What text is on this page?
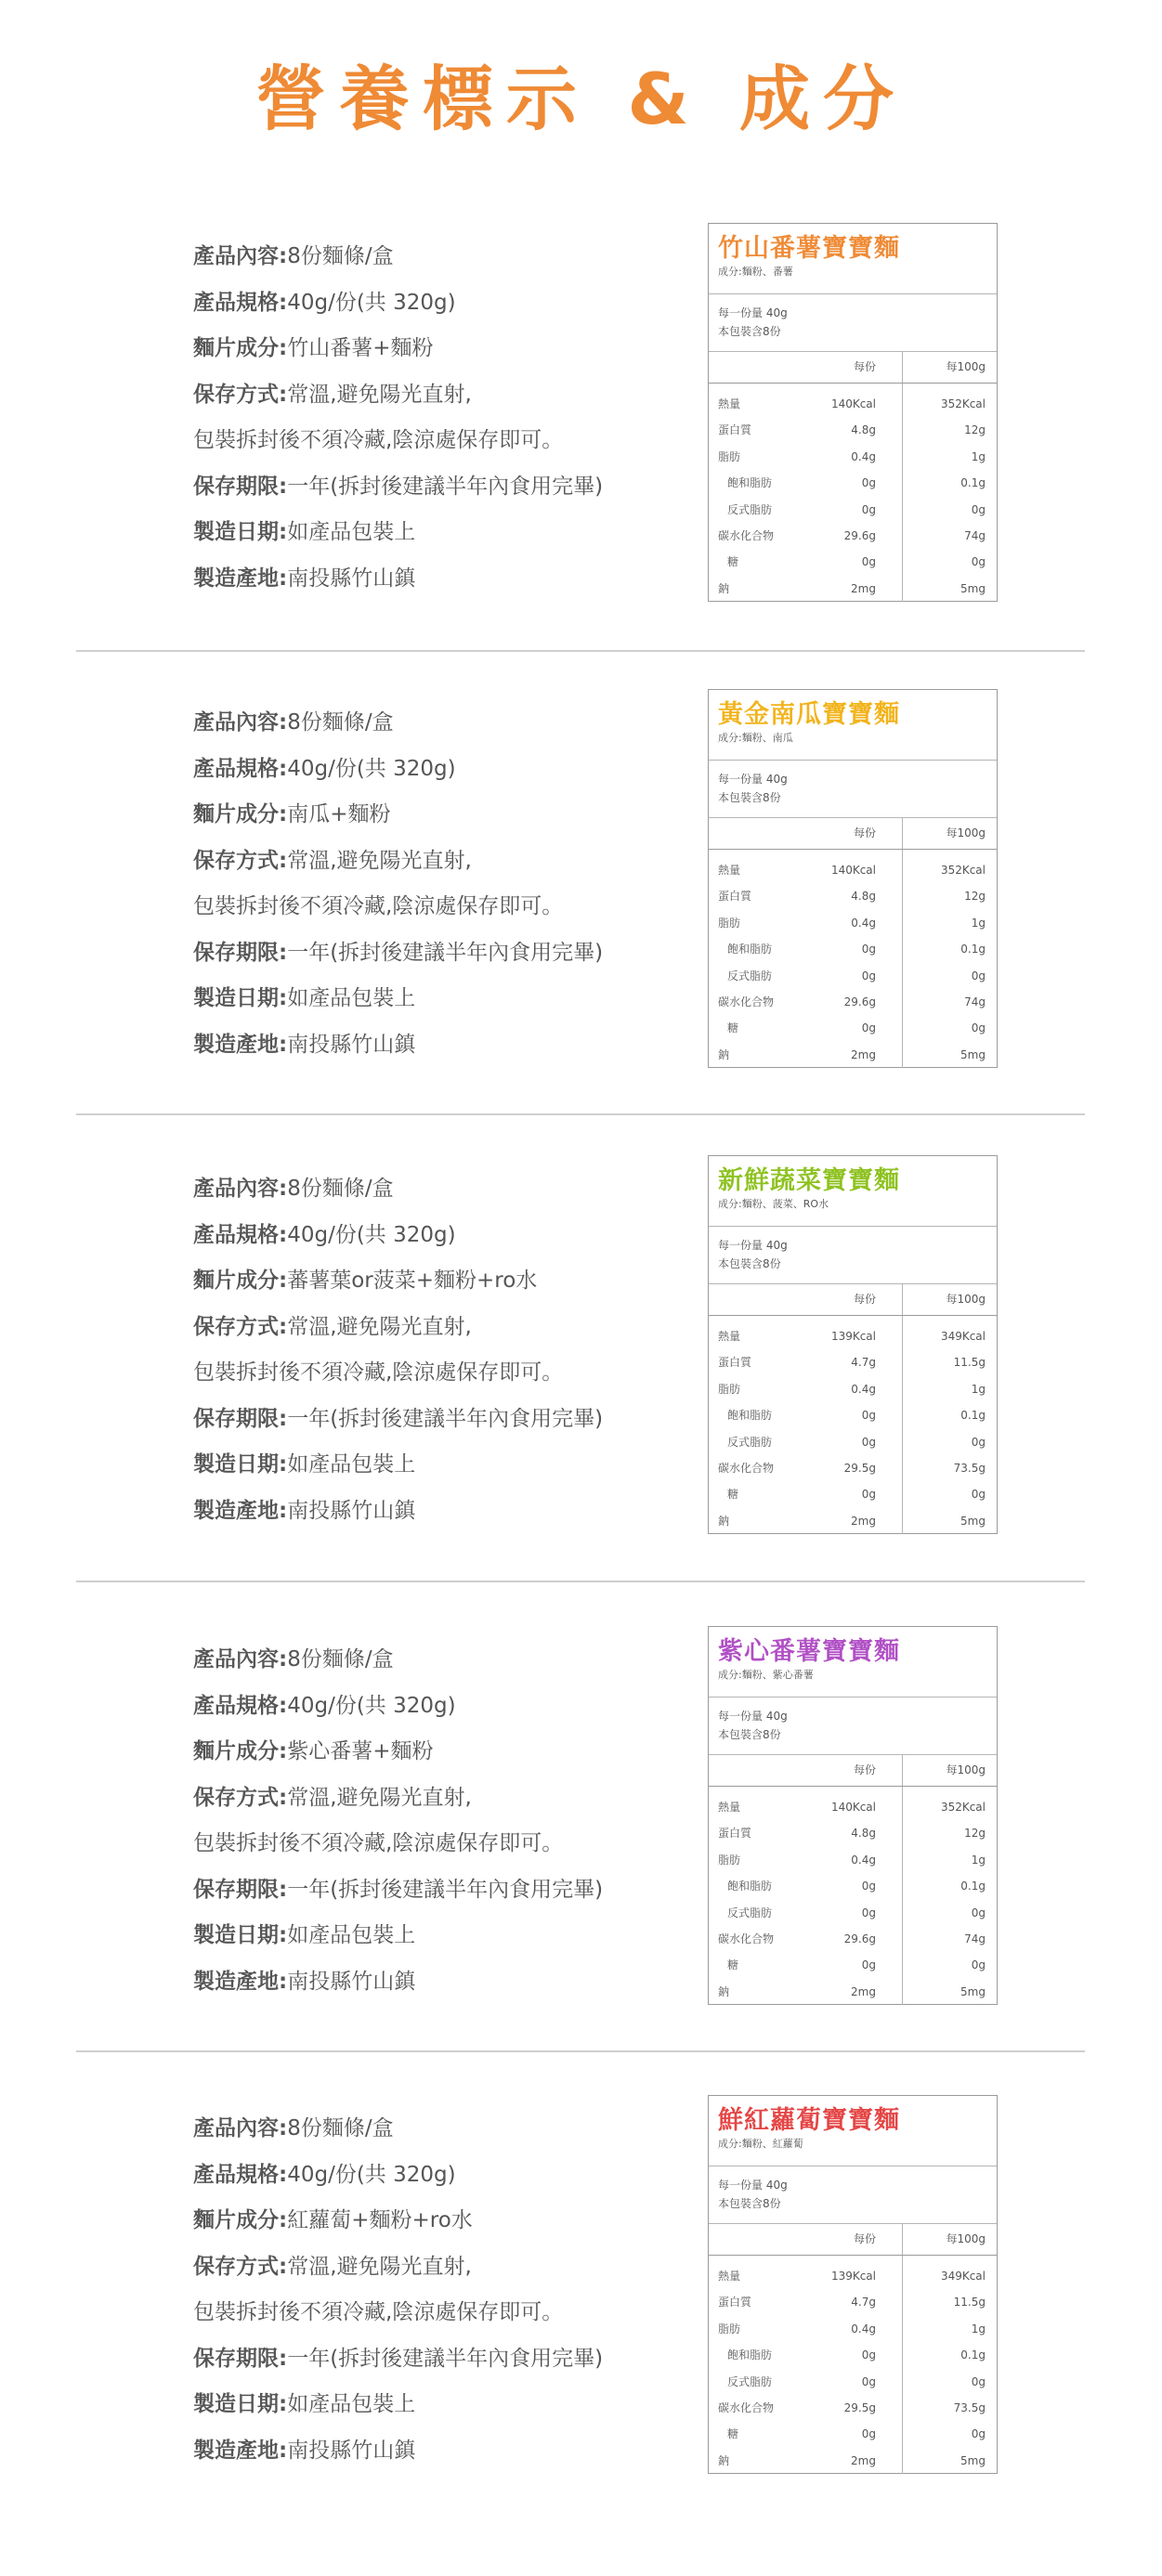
營養標示 & 成分
產品內容:8份麵條/盒
產品規格:40g/份(共 320g)
麵片成分:竹山番薯+麵粉
保存方式:常溫,避免陽光直射,
包裝拆封後不須冷藏,陰涼處保存即可。
保存期限:一年(拆封後建議半年內食用完畢)
製造日期:如產品包裝上
製造產地:南投縣竹山鎮
竹山番薯寶寶麵
成分:麵粉、番薯
每一份量 40g
本包裝含8份
每份	每100g
熱量	140Kcal	352Kcal
蛋白質	4.8g	12g
脂肪	0.4g	1g
飽和脂肪	0g	0.1g
反式脂肪	0g	0g
碳水化合物	29.6g	74g
糖	0g	0g
鈉	2mg	5mg
產品內容:8份麵條/盒
產品規格:40g/份(共 320g)
麵片成分:南瓜+麵粉
保存方式:常溫,避免陽光直射,
包裝拆封後不須冷藏,陰涼處保存即可。
保存期限:一年(拆封後建議半年內食用完畢)
製造日期:如產品包裝上
製造產地:南投縣竹山鎮
黃金南瓜寶寶麵
成分:麵粉、南瓜
每一份量 40g
本包裝含8份
每份	每100g
熱量	140Kcal	352Kcal
蛋白質	4.8g	12g
脂肪	0.4g	1g
飽和脂肪	0g	0.1g
反式脂肪	0g	0g
碳水化合物	29.6g	74g
糖	0g	0g
鈉	2mg	5mg
產品內容:8份麵條/盒
產品規格:40g/份(共 320g)
麵片成分:蕃薯葉or菠菜+麵粉+ro水
保存方式:常溫,避免陽光直射,
包裝拆封後不須冷藏,陰涼處保存即可。
保存期限:一年(拆封後建議半年內食用完畢)
製造日期:如產品包裝上
製造產地:南投縣竹山鎮
新鮮蔬菜寶寶麵
成分:麵粉、菠菜、RO水
每一份量 40g
本包裝含8份
每份	每100g
熱量	139Kcal	349Kcal
蛋白質	4.7g	11.5g
脂肪	0.4g	1g
飽和脂肪	0g	0.1g
反式脂肪	0g	0g
碳水化合物	29.5g	73.5g
糖	0g	0g
鈉	2mg	5mg
產品內容:8份麵條/盒
產品規格:40g/份(共 320g)
麵片成分:紫心番薯+麵粉
保存方式:常溫,避免陽光直射,
包裝拆封後不須冷藏,陰涼處保存即可。
保存期限:一年(拆封後建議半年內食用完畢)
製造日期:如產品包裝上
製造產地:南投縣竹山鎮
紫心番薯寶寶麵
成分:麵粉、紫心番薯
每一份量 40g
本包裝含8份
每份	每100g
熱量	140Kcal	352Kcal
蛋白質	4.8g	12g
脂肪	0.4g	1g
飽和脂肪	0g	0.1g
反式脂肪	0g	0g
碳水化合物	29.6g	74g
糖	0g	0g
鈉	2mg	5mg
產品內容:8份麵條/盒
產品規格:40g/份(共 320g)
麵片成分:紅蘿蔔+麵粉+ro水
保存方式:常溫,避免陽光直射,
包裝拆封後不須冷藏,陰涼處保存即可。
保存期限:一年(拆封後建議半年內食用完畢)
製造日期:如產品包裝上
製造產地:南投縣竹山鎮
鮮紅蘿蔔寶寶麵
成分:麵粉、紅蘿蔔
每一份量 40g
本包裝含8份
每份	每100g
熱量	139Kcal	349Kcal
蛋白質	4.7g	11.5g
脂肪	0.4g	1g
飽和脂肪	0g	0.1g
反式脂肪	0g	0g
碳水化合物	29.5g	73.5g
糖	0g	0g
鈉	2mg	5mg
